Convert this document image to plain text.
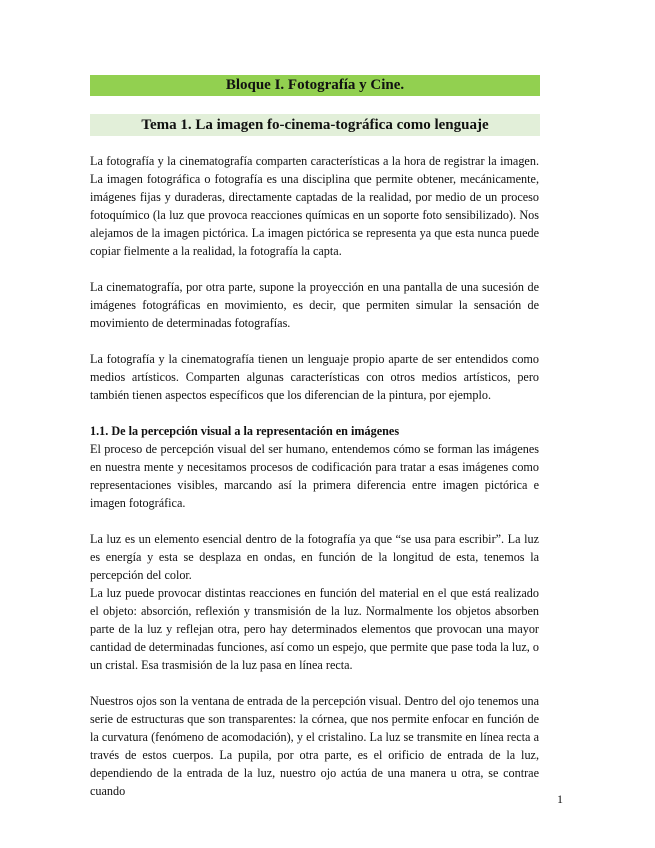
Bloque I. Fotografía y Cine.
Tema 1. La imagen fo-cinema-tográfica como lenguaje

La fotografía y la cinematografía comparten características a la hora de registrar la imagen. La imagen fotográfica o fotografía es una disciplina que permite obtener, mecánicamente, imágenes fijas y duraderas, directamente captadas de la realidad, por medio de un proceso fotoquímico (la luz que provoca reacciones químicas en un soporte foto sensibilizado). Nos alejamos de la imagen pictórica. La imagen pictórica se representa ya que esta nunca puede copiar fielmente a la realidad, la fotografía la capta.

La cinematografía, por otra parte, supone la proyección en una pantalla de una sucesión de imágenes fotográficas en movimiento, es decir, que permiten simular la sensación de movimiento de determinadas fotografías.

La fotografía y la cinematografía tienen un lenguaje propio aparte de ser entendidos como medios artísticos. Comparten algunas características con otros medios artísticos, pero también tienen aspectos específicos que los diferencian de la pintura, por ejemplo.

1.1. De la percepción visual a la representación en imágenes

El proceso de percepción visual del ser humano, entendemos cómo se forman las imágenes en nuestra mente y necesitamos procesos de codificación para tratar a esas imágenes como representaciones visibles, marcando así la primera diferencia entre imagen pictórica e imagen fotográfica.

La luz es un elemento esencial dentro de la fotografía ya que “se usa para escribir”. La luz es energía y esta se desplaza en ondas, en función de la longitud de esta, tenemos la percepción del color.

La luz puede provocar distintas reacciones en función del material en el que está realizado el objeto: absorción, reflexión y transmisión de la luz. Normalmente los objetos absorben parte de la luz y reflejan otra, pero hay determinados elementos que provocan una mayor cantidad de determinadas funciones, así como un espejo, que permite que pase toda la luz, o un cristal. Esa trasmisión de la luz pasa en línea recta.

Nuestros ojos son la ventana de entrada de la percepción visual. Dentro del ojo tenemos una serie de estructuras que son transparentes: la córnea, que nos permite enfocar en función de la curvatura (fenómeno de acomodación), y el cristalino. La luz se transmite en línea recta a través de estos cuerpos. La pupila, por otra parte, es el orificio de entrada de la luz, dependiendo de la entrada de la luz, nuestro ojo actúa de una manera u otra, se contrae cuando

1
